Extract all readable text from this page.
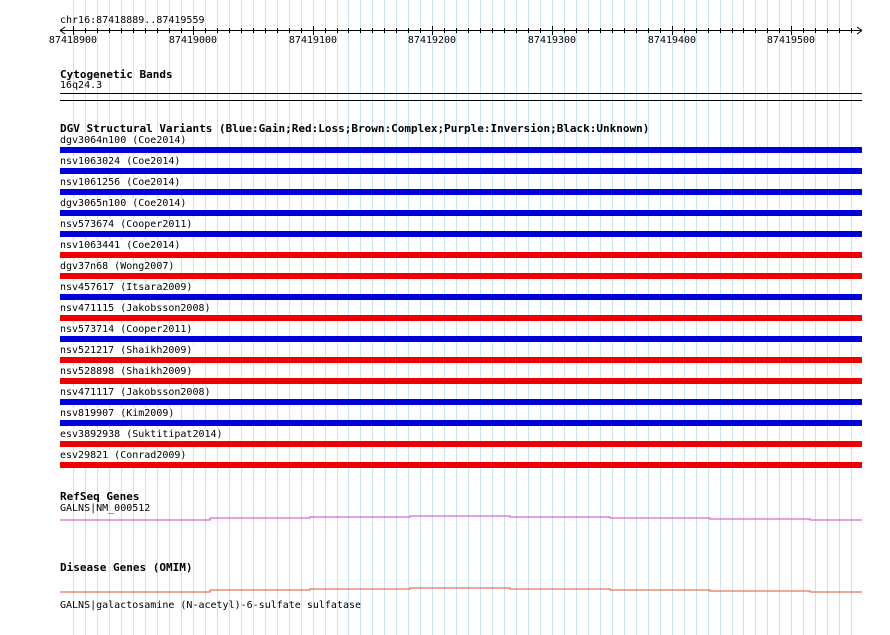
chr16:87418889..87419559
87418900	87419000	87419100	87419200	87419300	87419400	87419500
Cytogenetic Bands
16q24.3
DGV Structural Variants (Blue:Gain;Red:Loss;Brown:Complex;Purple:Inversion;Black:Unknown)
dgv3064n100 (Coe2014)
nsv1063024 (Coe2014)
nsv1061256 (Coe2014)
dgv3065n100 (Coe2014)
nsv573674 (Cooper2011)
nsv1063441 (Coe2014)
dgv37n68 (Wong2007)
nsv457617 (Itsara2009)
nsv471115 (Jakobsson2008)
nsv573714 (Cooper2011)
nsv521217 (Shaikh2009)
nsv528898 (Shaikh2009)
nsv471117 (Jakobsson2008)
nsv819907 (Kim2009)
esv3892938 (Suktitipat2014)
esv29821 (Conrad2009)
RefSeq Genes
GALNS|NM_000512
Disease Genes (OMIM)
GALNS|galactosamine (N-acetyl)-6-sulfate sulfatase
